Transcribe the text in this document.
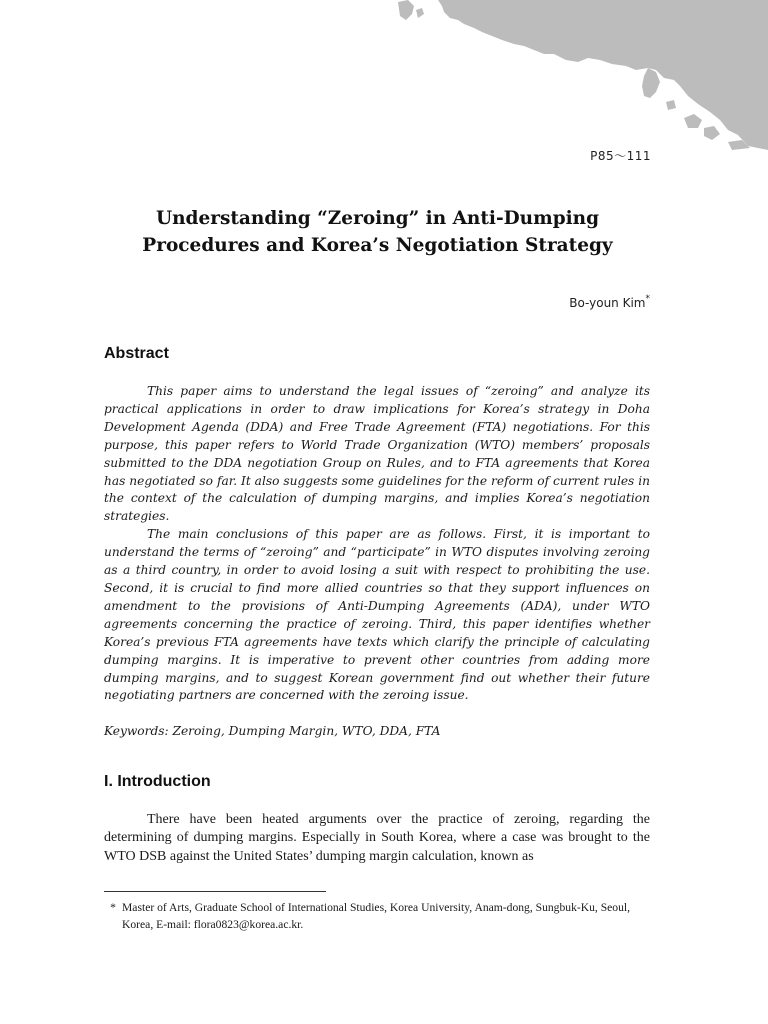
P85～111
Understanding “Zeroing” in Anti-Dumping
Procedures and Korea’s Negotiation Strategy
Bo-youn Kim*
Abstract

This paper aims to understand the legal issues of “zeroing” and analyze its practical applications in order to draw implications for Korea’s strategy in Doha Development Agenda (DDA) and Free Trade Agreement (FTA) negotiations. For this purpose, this paper refers to World Trade Organization (WTO) members’ proposals submitted to the DDA negotiation Group on Rules, and to FTA agreements that Korea has negotiated so far. It also suggests some guidelines for the reform of current rules in the context of the calculation of dumping margins, and implies Korea’s negotiation strategies.

The main conclusions of this paper are as follows. First, it is important to understand the terms of “zeroing” and “participate” in WTO disputes involving zeroing as a third country, in order to avoid losing a suit with respect to prohibiting the use. Second, it is crucial to find more allied countries so that they support influences on amendment to the provisions of Anti-Dumping Agreements (ADA), under WTO agreements concerning the practice of zeroing. Third, this paper identifies whether Korea’s previous FTA agreements have texts which clarify the principle of calculating dumping margins. It is imperative to prevent other countries from adding more dumping margins, and to suggest Korean government find out whether their future negotiating partners are concerned with the zeroing issue.

Keywords: Zeroing, Dumping Margin, WTO, DDA, FTA
I. Introduction

There have been heated arguments over the practice of zeroing, regarding the determining of dumping margins. Especially in South Korea, where a case was brought to the WTO DSB against the United States’ dumping margin calculation, known as

* Master of Arts, Graduate School of International Studies, Korea University, Anam-dong, Sungbuk-Ku, Seoul, Korea, E-mail: flora0823@korea.ac.kr.
